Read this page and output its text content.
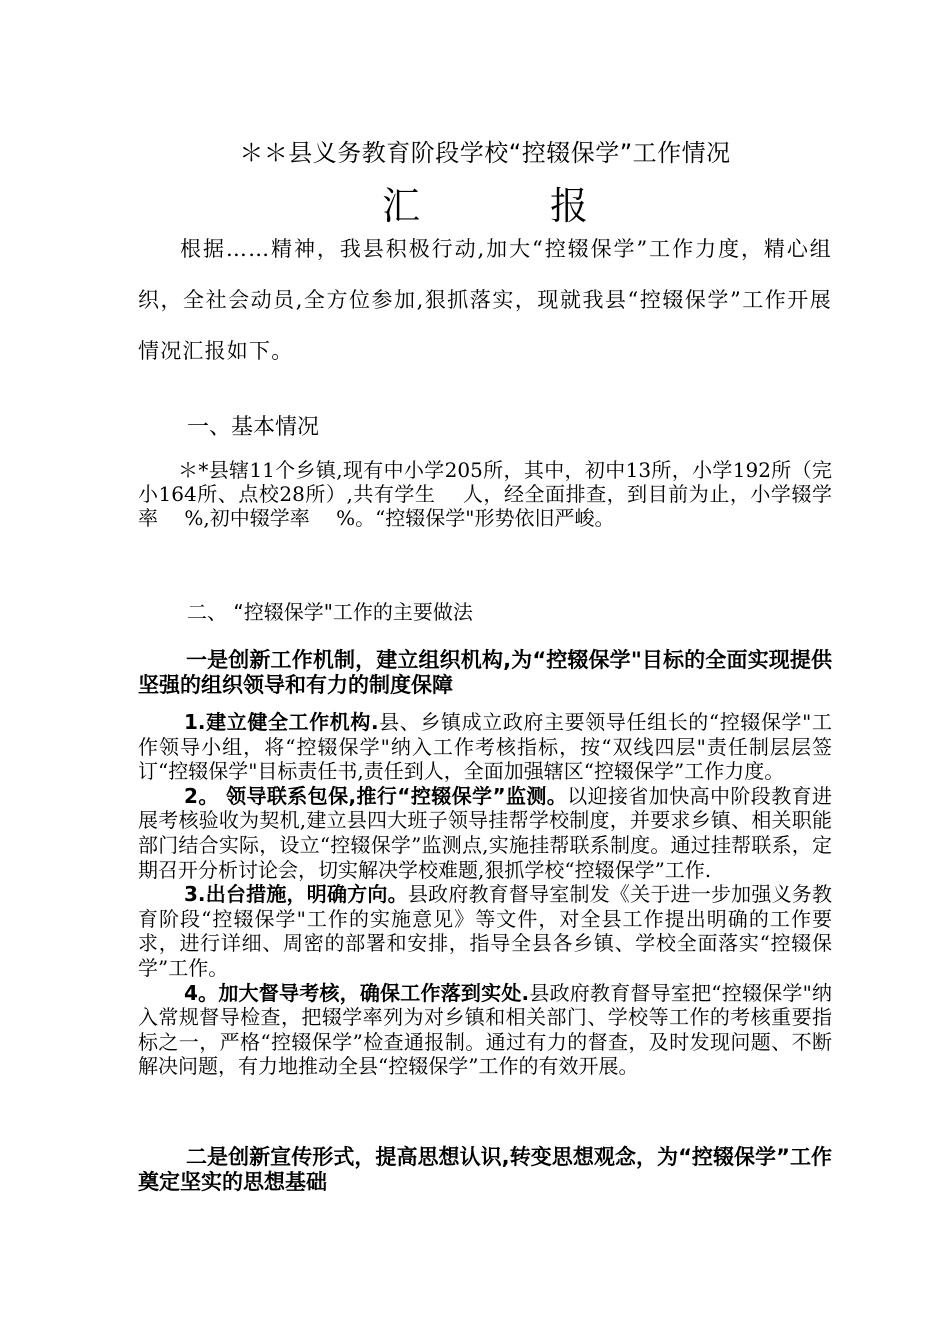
＊＊县义务教育阶段学校“控辍保学”工作情况
汇报

根据……精神，我县积极行动,加大“控辍保学”工作力度，精心组织，全社会动员,全方位参加,狠抓落实，现就我县“控辍保学”工作开展情况汇报如下。

一、基本情况

＊*县辖11个乡镇,现有中小学205所，其中，初中13所，小学192所（完小164所、点校28所）,共有学生　 人，经全面排查，到目前为止，小学辍学率　 %,初中辍学率　 %。“控辍保学"形势依旧严峻。

二、 “控辍保学"工作的主要做法

一是创新工作机制，建立组织机构,为“控辍保学"目标的全面实现提供坚强的组织领导和有力的制度保障

1.建立健全工作机构.县、乡镇成立政府主要领导任组长的“控辍保学"工作领导小组，将“控辍保学"纳入工作考核指标，按“双线四层"责任制层层签订“控辍保学"目标责任书,责任到人，全面加强辖区“控辍保学”工作力度。

2。 领导联系包保,推行“控辍保学”监测。以迎接省加快高中阶段教育进展考核验收为契机,建立县四大班子领导挂帮学校制度，并要求乡镇、相关职能部门结合实际，设立“控辍保学”监测点,实施挂帮联系制度。通过挂帮联系，定期召开分析讨论会，切实解决学校难题,狠抓学校“控辍保学”工作.

3.出台措施，明确方向。县政府教育督导室制发《关于进一步加强义务教育阶段“控辍保学"工作的实施意见》等文件，对全县工作提出明确的工作要求，进行详细、周密的部署和安排，指导全县各乡镇、学校全面落实“控辍保学”工作。

4。加大督导考核，确保工作落到实处.县政府教育督导室把“控辍保学"纳入常规督导检查，把辍学率列为对乡镇和相关部门、学校等工作的考核重要指标之一，严格“控辍保学”检查通报制。通过有力的督查，及时发现问题、不断解决问题，有力地推动全县“控辍保学”工作的有效开展。

二是创新宣传形式，提高思想认识,转变思想观念，为“控辍保学”工作奠定坚实的思想基础
